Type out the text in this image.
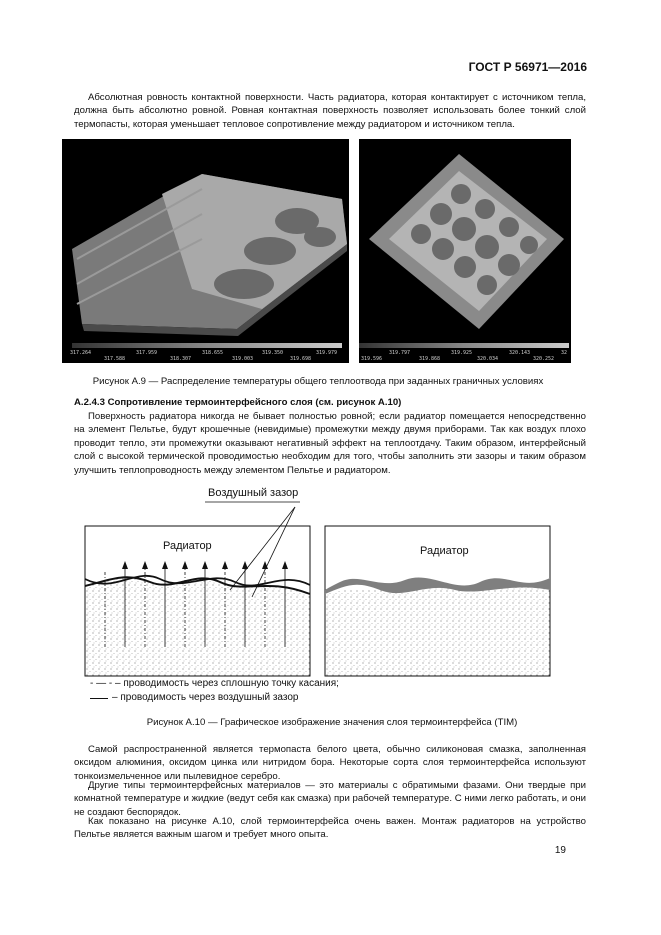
ГОСТ Р 56971—2016
Абсолютная ровность контактной поверхности. Часть радиатора, которая контактирует с источником тепла, должна быть абсолютно ровной. Ровная контактная поверхность позволяет использовать более тонкий слой термопасты, которая уменьшает тепловое сопротивление между радиатором и источником тепла.
317.264	317.959	318.655	319.350	319.979
317.588	318.307	319.003	319.698
319.797	319.925	320.143	32
319.596	319.868	320.034	320.252
Рисунок А.9 — Распределение температуры общего теплоотвода при заданных граничных условиях
А.2.4.3 Сопротивление термоинтерфейсного слоя (см. рисунок А.10)
Поверхность радиатора никогда не бывает полностью ровной; если радиатор помещается непосредственно на элемент Пельтье, будут крошечные (невидимые) промежутки между двумя приборами. Так как воздух плохо проводит тепло, эти промежутки оказывают негативный эффект на теплоотдачу. Таким образом, интерфейсный слой с высокой термической проводимостью необходим для того, чтобы заполнить эти зазоры и таким образом улучшить теплопроводность между элементом Пельтье и радиатором.
Воздушный зазор
Радиатор	Радиатор
- — - – проводимость через сплошную точку касания;
– проводимость через воздушный зазор
Рисунок А.10 — Графическое изображение значения слоя термоинтерфейса (TIM)
Самой распространенной является термопаста белого цвета, обычно силиконовая смазка, заполненная оксидом алюминия, оксидом цинка или нитридом бора. Некоторые сорта слоя термоинтерфейса используют тонкоизмельченное или пылевидное серебро.
Другие типы термоинтерфейсных материалов — это материалы с обратимыми фазами. Они твердые при комнатной температуре и жидкие (ведут себя как смазка) при рабочей температуре. С ними легко работать, и они не создают беспорядок.
Как показано на рисунке А.10, слой термоинтерфейса очень важен. Монтаж радиаторов на устройство Пельтье является важным шагом и требует много опыта.
19
